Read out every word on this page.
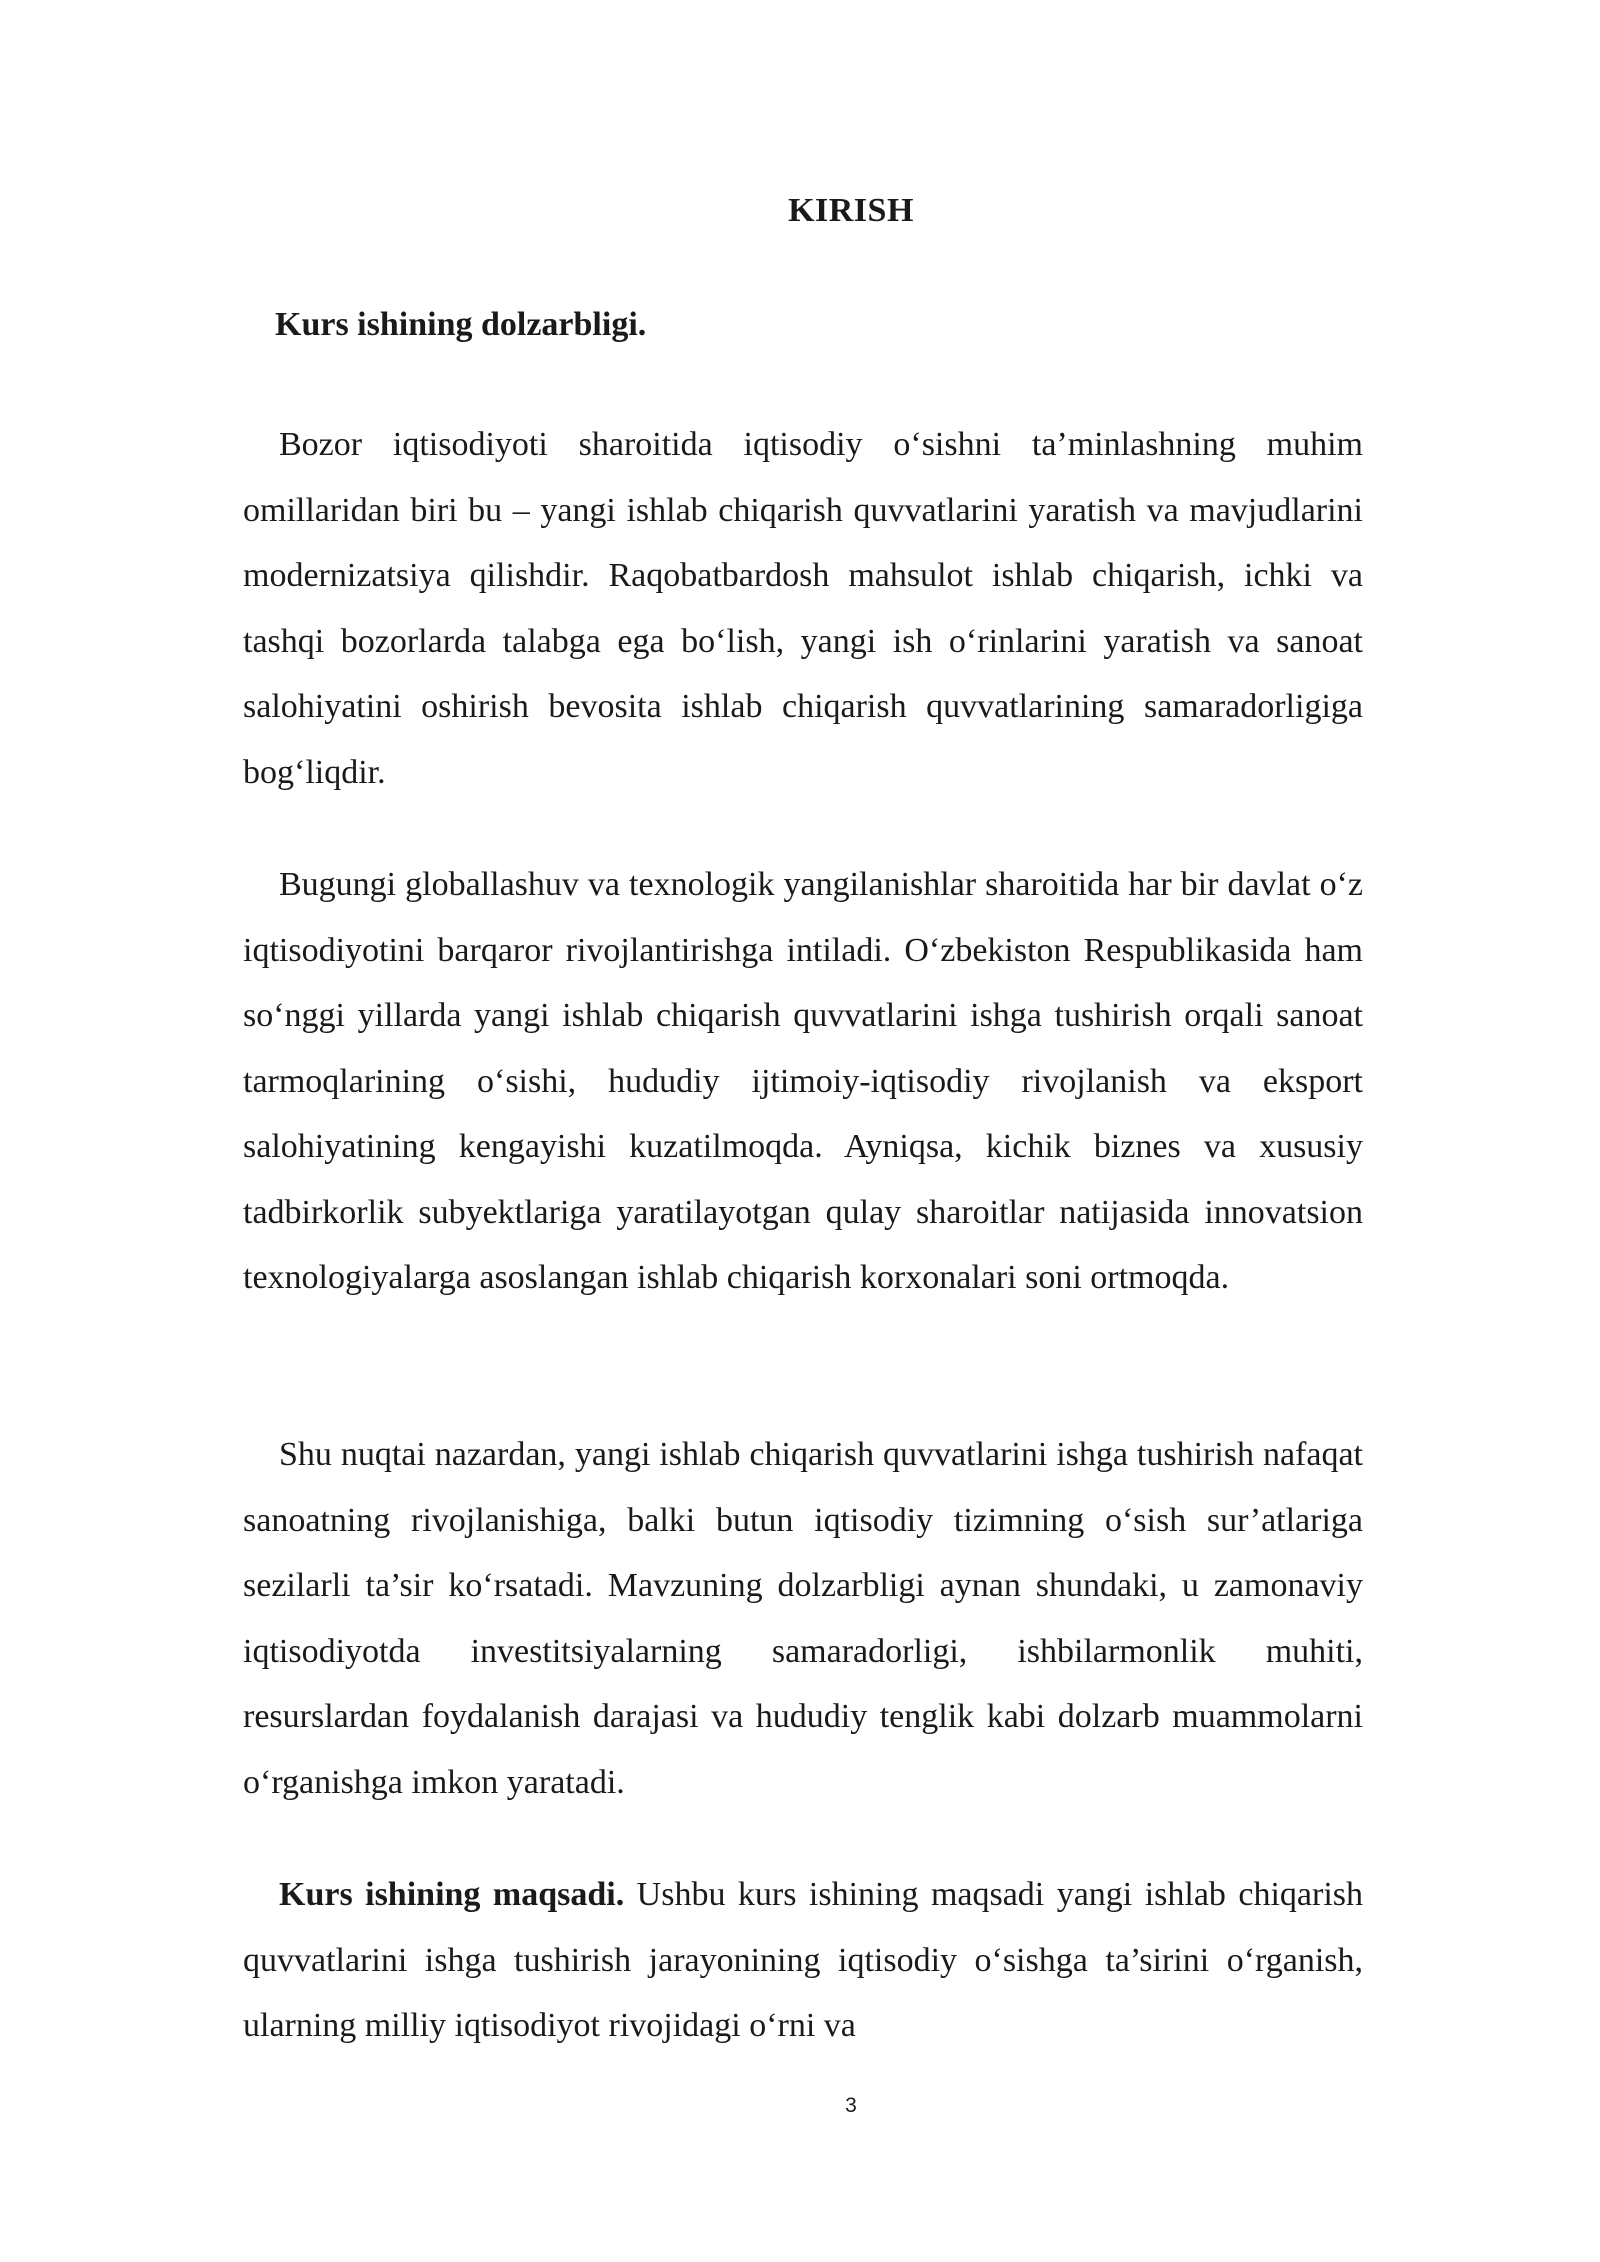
KIRISH
Kurs ishining dolzarbligi.

Bozor iqtisodiyoti sharoitida iqtisodiy o‘sishni ta’minlashning muhim omillaridan biri bu – yangi ishlab chiqarish quvvatlarini yaratish va mavjudlarini modernizatsiya qilishdir. Raqobatbardosh mahsulot ishlab chiqarish, ichki va tashqi bozorlarda talabga ega bo‘lish, yangi ish o‘rinlarini yaratish va sanoat salohiyatini oshirish bevosita ishlab chiqarish quvvatlarining samaradorligiga bog‘liqdir.

Bugungi globallashuv va texnologik yangilanishlar sharoitida har bir davlat o‘z iqtisodiyotini barqaror rivojlantirishga intiladi. O‘zbekiston Respublikasida ham so‘nggi yillarda yangi ishlab chiqarish quvvatlarini ishga tushirish orqali sanoat tarmoqlarining o‘sishi, hududiy ijtimoiy-iqtisodiy rivojlanish va eksport salohiyatining kengayishi kuzatilmoqda. Ayniqsa, kichik biznes va xususiy tadbirkorlik subyektlariga yaratilayotgan qulay sharoitlar natijasida innovatsion texnologiyalarga asoslangan ishlab chiqarish korxonalari soni ortmoqda.

Shu nuqtai nazardan, yangi ishlab chiqarish quvvatlarini ishga tushirish nafaqat sanoatning rivojlanishiga, balki butun iqtisodiy tizimning o‘sish sur’atlariga sezilarli ta’sir ko‘rsatadi. Mavzuning dolzarbligi aynan shundaki, u zamonaviy iqtisodiyotda investitsiyalarning samaradorligi, ishbilarmonlik muhiti, resurslardan foydalanish darajasi va hududiy tenglik kabi dolzarb muammolarni o‘rganishga imkon yaratadi.

Kurs ishining maqsadi. Ushbu kurs ishining maqsadi yangi ishlab chiqarish quvvatlarini ishga tushirish jarayonining iqtisodiy o‘sishga ta’sirini o‘rganish, ularning milliy iqtisodiyot rivojidagi o‘rni va

3
